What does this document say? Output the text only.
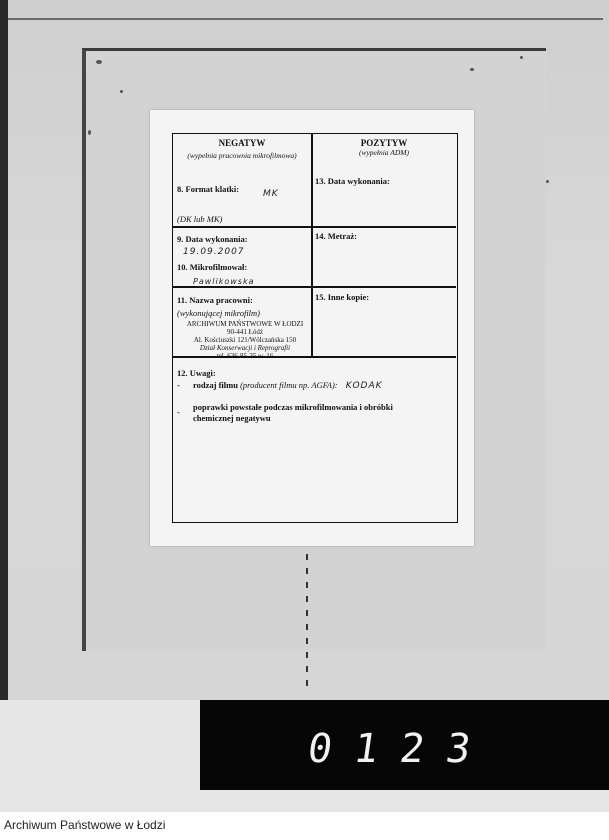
NEGATYW
(wypełnia pracownia mikrofilmowa)
POZYTYW
(wypełnia ADM)
8. Format klatki:	MK
(DK lub MK)
13. Data wykonania:
9. Data wykonania:
19.09.2007
10. Mikrofilmował:
Pawlikowska
14. Metraż:
11. Nazwa pracowni:
(wykonującej mikrofilm)
15. Inne kopie:
ARCHIWUM PAŃSTWOWE W ŁODZI
90-441 Łódź
Al. Kościuszki 121/Wólczańska 150
Dział Konserwacji i Reprografii
tel. 636-85-35 w. 16
12. Uwagi:
- rodzaj filmu (producent filmu np. AGFA): KODAK
- poprawki powstałe podczas mikrofilmowania i obróbki chemicznej negatywu
0123
Archiwum Państwowe w Łodzi
